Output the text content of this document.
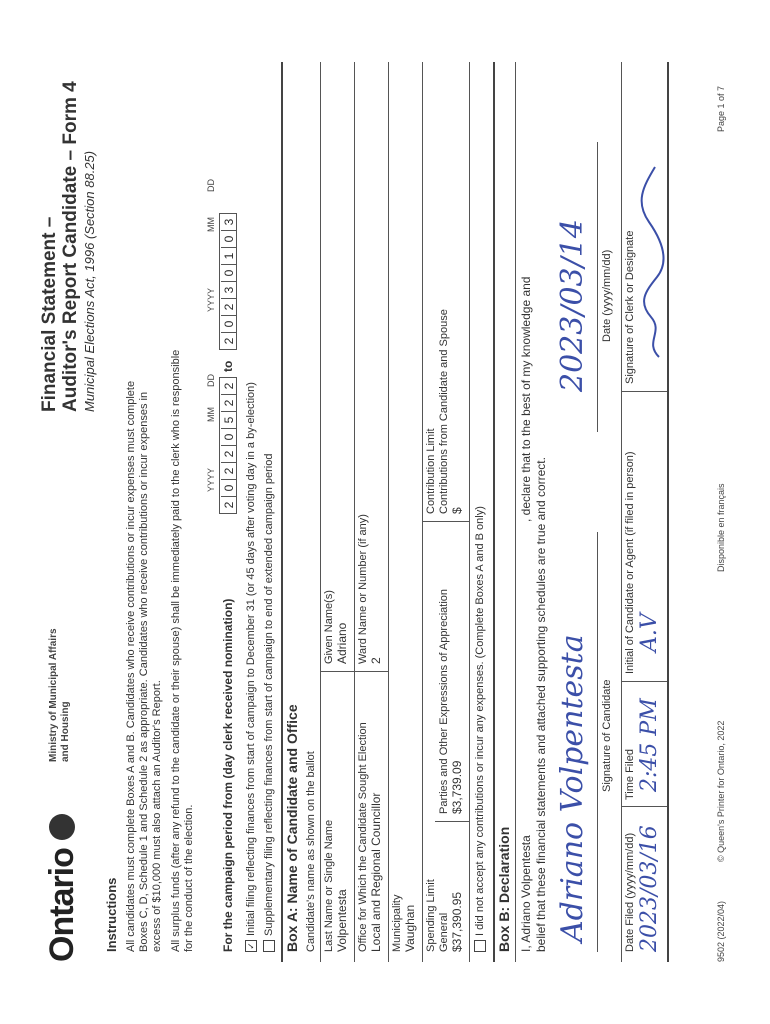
Ontario
Ministry of Municipal Affairs and Housing
Financial Statement – Auditor's Report Candidate – Form 4 Municipal Elections Act, 1996 (Section 88.25)
Instructions All candidates must complete Boxes A and B. Candidates who receive contributions or incur expenses must complete Boxes C, D, Schedule 1 and Schedule 2 as appropriate. Candidates who receive contributions or incur expenses in excess of $10,000 must also attach an Auditor's Report. All surplus funds (after any refund to the candidate or their spouse) shall be immediately paid to the clerk who is responsible for the conduct of the election.
YYYY
MM
DD
YYYY
MM
DD
For the campaign period from (day clerk received nomination)
20220522
to
20230103
✓Initial filing reflecting finances from start of campaign to December 31 (or 45 days after voting day in a by-election) Supplementary filing reflecting finances from start of campaign to end of extended campaign period Box A: Name of Candidate and Office Candidate's name as shown on the ballot Last Name or Single Name Volpentesta
Given Name(s) Adriano
Office for Which the Candidate Sought Election Local and Regional Councillor
Ward Name or Number (if any) 2
Municipality Vaughan Spending Limit General $37,390.95
Parties and Other Expressions of Appreciation $3,739.09
Contribution Limit Contributions from Candidate and Spouse $ I did not accept any contributions or incur any expenses. (Complete Boxes A and B only) Box B: Declaration I, Adriano Volpentesta
, declare that to the best of my knowledge and
belief that these financial statements and attached supporting schedules are true and correct. Adriano Volpentesta Signature of Candidate
2023/03/14 Date (yyyy/mm/dd)
Date Filed (yyyy/mm/dd) 2023/03/16
Time Filed 2:45 PM
Initial of Candidate or Agent (if filed in person) A.V
Signature of Clerk or Designate
9502 (2022/04)
© Queen's Printer for Ontario, 2022
Disponible en français
Page 1 of 7
